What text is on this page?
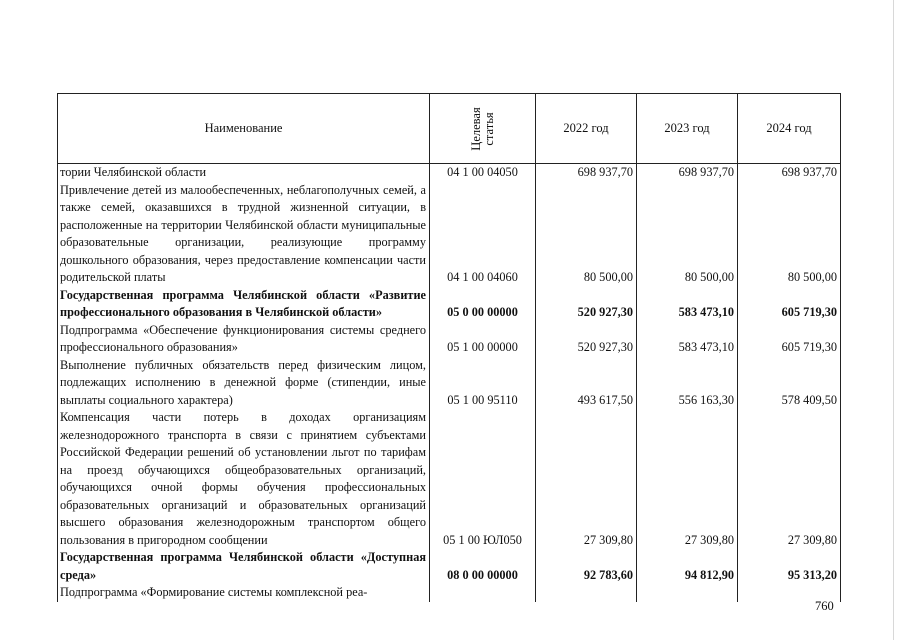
Наименование	Целевая статья	2022 год	2023 год	2024 год
тории Челябинской области	04 1 00 04050	698 937,70	698 937,70	698 937,70
Привлечение детей из малообеспеченных, неблагополучных семей, а также семей, оказавшихся в трудной жизненной ситуации, в расположенные на территории Челябинской области муниципальные образовательные организации, реализующие программу дошкольного образования, через предоставление компенсации части родительской платы	04 1 00 04060	80 500,00	80 500,00	80 500,00
Государственная программа Челябинской области «Развитие профессионального образования в Челябинской области»	05 0 00 00000	520 927,30	583 473,10	605 719,30
Подпрограмма «Обеспечение функционирования системы среднего профессионального образования»	05 1 00 00000	520 927,30	583 473,10	605 719,30
Выполнение публичных обязательств перед физическим лицом, подлежащих исполнению в денежной форме (стипендии, иные выплаты социального характера)	05 1 00 95110	493 617,50	556 163,30	578 409,50
Компенсация части потерь в доходах организациям железнодорожного транспорта в связи с принятием субъектами Российской Федерации решений об установлении льгот по тарифам на проезд обучающихся общеобразовательных организаций, обучающихся очной формы обучения профессиональных образовательных организаций и образовательных организаций высшего образования железнодорожным транспортом общего пользования в пригородном сообщении	05 1 00 ЮЛ050	27 309,80	27 309,80	27 309,80
Государственная программа Челябинской области «Доступная среда»	08 0 00 00000	92 783,60	94 812,90	95 313,20
Подпрограмма «Формирование системы комплексной реа-				
760
